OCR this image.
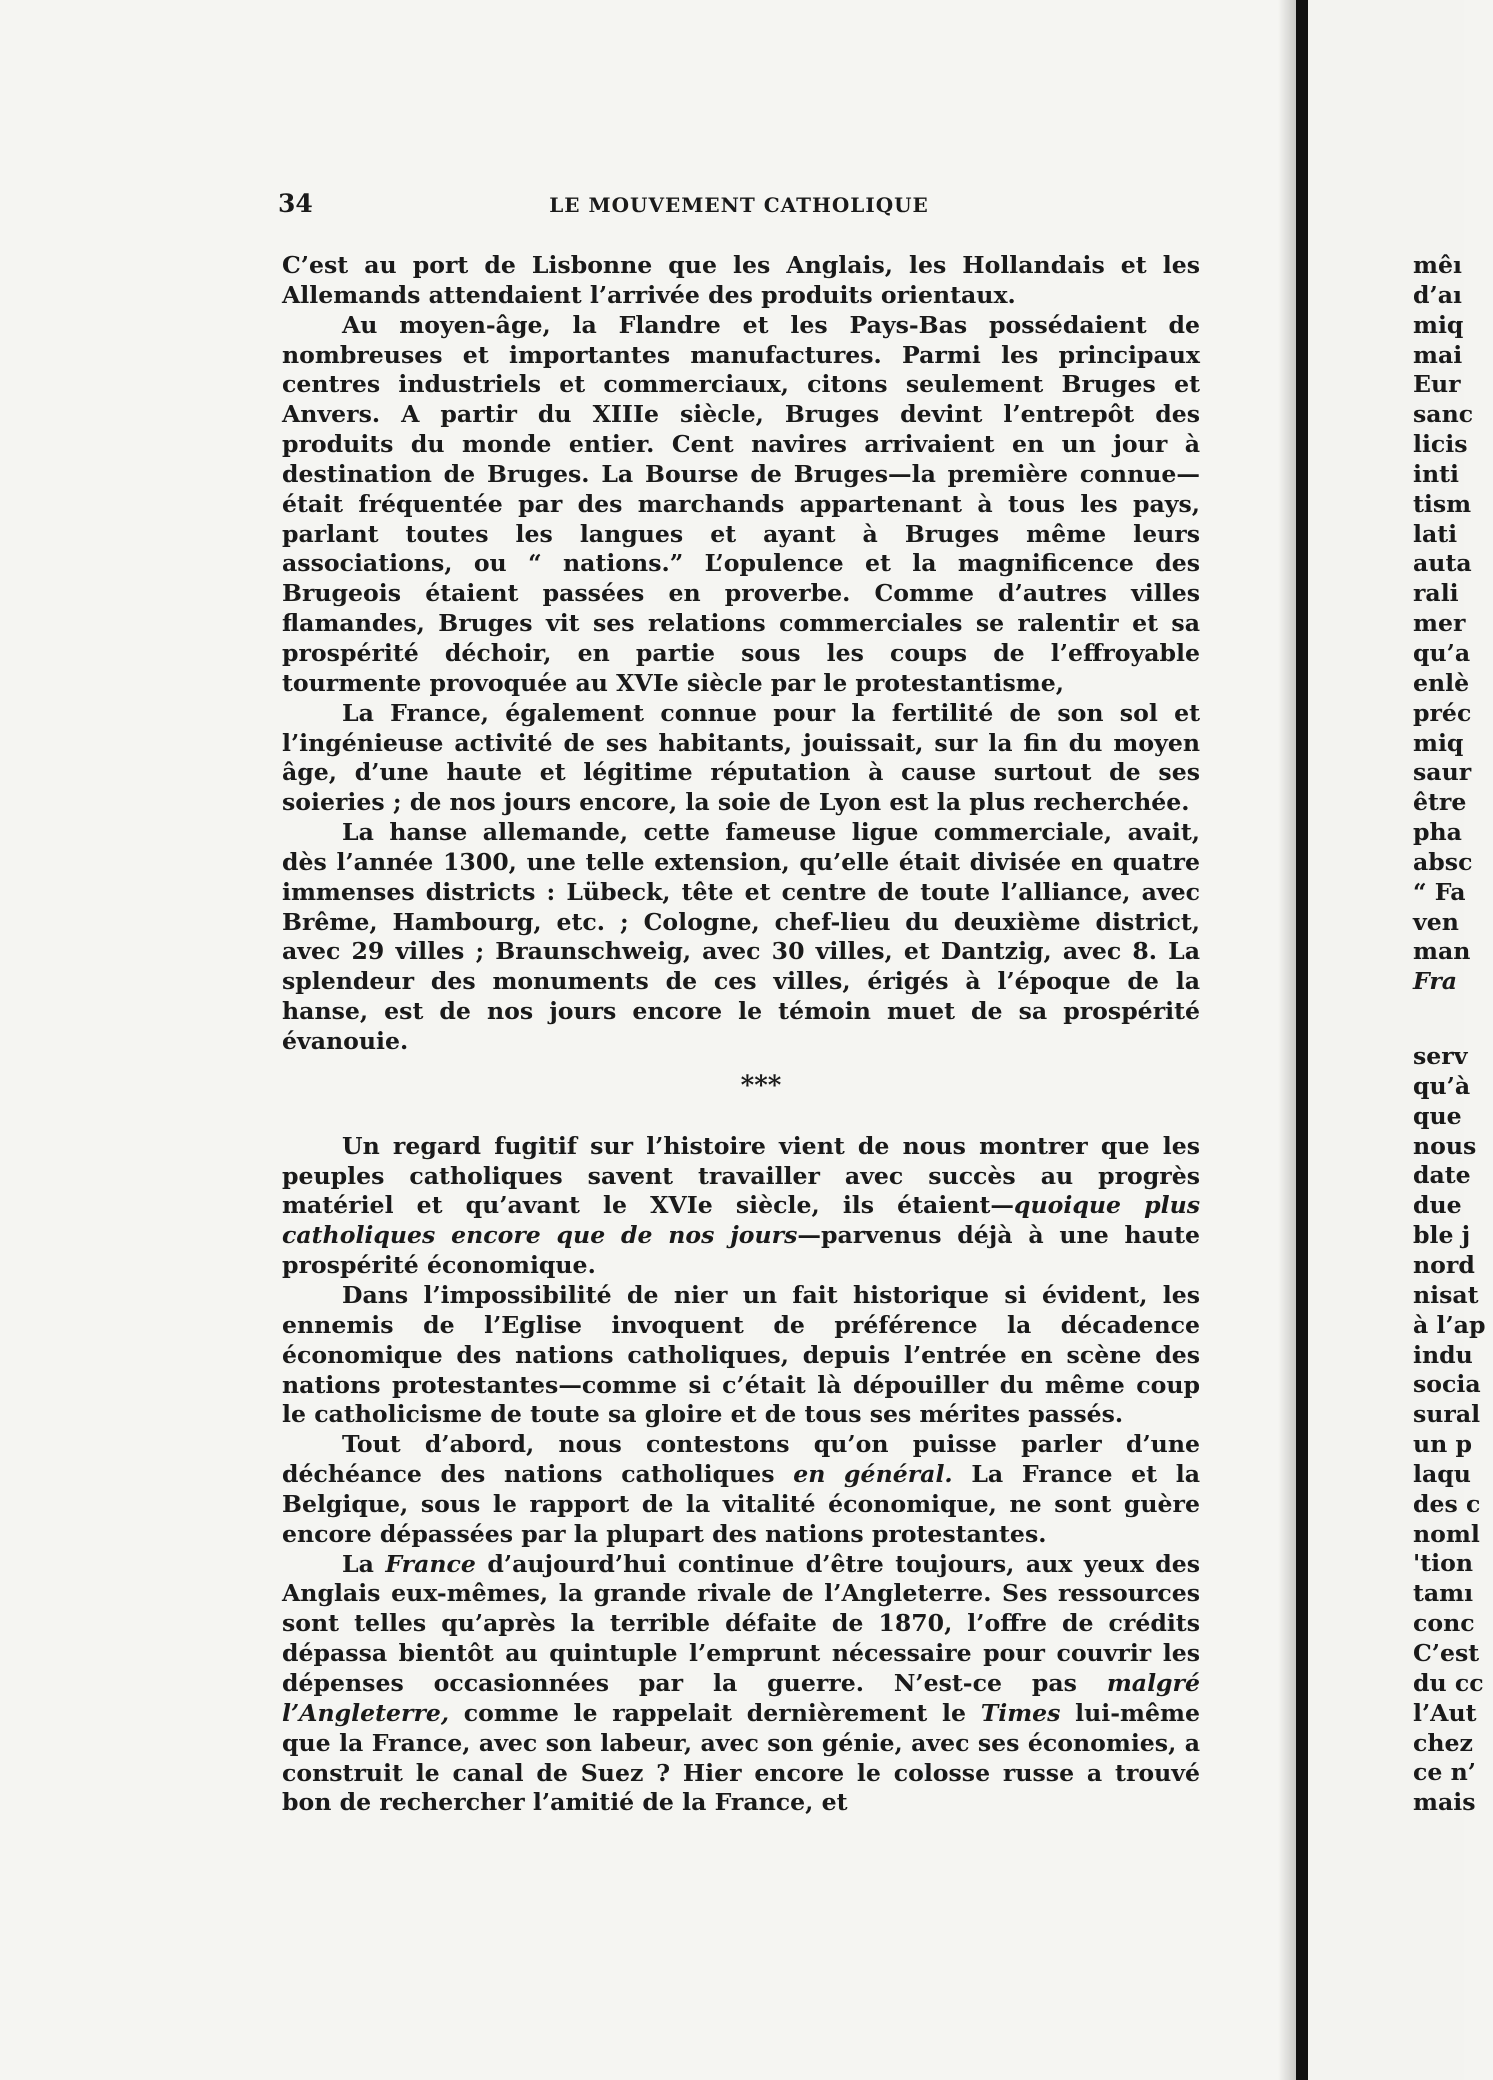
34	LE MOUVEMENT CATHOLIQUE

C’est au port de Lisbonne que les Anglais, les Hollandais et les Allemands attendaient l’arrivée des produits orientaux.

Au moyen-âge, la Flandre et les Pays-Bas possédaient de nombreuses et importantes manufactures. Parmi les principaux centres industriels et commerciaux, citons seulement Bruges et Anvers. A partir du XIIIe siècle, Bruges devint l’entrepôt des produits du monde entier. Cent navires arrivaient en un jour à destination de Bruges. La Bourse de Bruges—la première connue—était fréquentée par des marchands appartenant à tous les pays, parlant toutes les langues et ayant à Bruges même leurs associations, ou “ nations.” L’opulence et la magnificence des Brugeois étaient passées en proverbe. Comme d’autres villes flamandes, Bruges vit ses relations commerciales se ralentir et sa prospérité déchoir, en partie sous les coups de l’effroyable tourmente provoquée au XVIe siècle par le protestantisme,

La France, également connue pour la fertilité de son sol et l’ingénieuse activité de ses habitants, jouissait, sur la fin du moyen âge, d’une haute et légitime réputation à cause surtout de ses soieries ; de nos jours encore, la soie de Lyon est la plus recherchée.

La hanse allemande, cette fameuse ligue commerciale, avait, dès l’année 1300, une telle extension, qu’elle était divisée en quatre immenses districts : Lübeck, tête et centre de toute l’alliance, avec Brême, Hambourg, etc. ; Cologne, chef-lieu du deuxième district, avec 29 villes ; Braunschweig, avec 30 villes, et Dantzig, avec 8. La splendeur des monuments de ces villes, érigés à l’époque de la hanse, est de nos jours encore le témoin muet de sa prospérité évanouie.

***

Un regard fugitif sur l’histoire vient de nous montrer que les peuples catholiques savent travailler avec succès au progrès matériel et qu’avant le XVIe siècle, ils étaient—quoique plus catholiques encore que de nos jours—parvenus déjà à une haute prospérité économique.

Dans l’impossibilité de nier un fait historique si évident, les ennemis de l’Eglise invoquent de préférence la décadence économique des nations catholiques, depuis l’entrée en scène des nations protestantes—comme si c’était là dépouiller du même coup le catholicisme de toute sa gloire et de tous ses mérites passés.

Tout d’abord, nous contestons qu’on puisse parler d’une déchéance des nations catholiques en général. La France et la Belgique, sous le rapport de la vitalité économique, ne sont guère encore dépassées par la plupart des nations protestantes.

La France d’aujourd’hui continue d’être toujours, aux yeux des Anglais eux-mêmes, la grande rivale de l’Angleterre. Ses ressources sont telles qu’après la terrible défaite de 1870, l’offre de crédits dépassa bientôt au quintuple l’emprunt nécessaire pour couvrir les dépenses occasionnées par la guerre. N’est-ce pas malgré l’Angleterre, comme le rappelait dernièrement le Times lui-même que la France, avec son labeur, avec son génie, avec ses économies, a construit le canal de Suez ? Hier encore le colosse russe a trouvé bon de rechercher l’amitié de la France, et

mêı
d’aı
miq
mai
Eur
sanc
licis
inti
tism
lati
auta
rali
mer
qu’a
enlè
préc
miq
saur
être
pha
absc
“ Fa
ven
man
Fra
serv
qu’à
que
nous
date
due
ble j
nord
nisat
à l’ap
indu
socia
sural
un p
laqu
des c
noml
'tion
tamı
conc
C’est
du cc
l’Aut
chez
ce n’
mais
